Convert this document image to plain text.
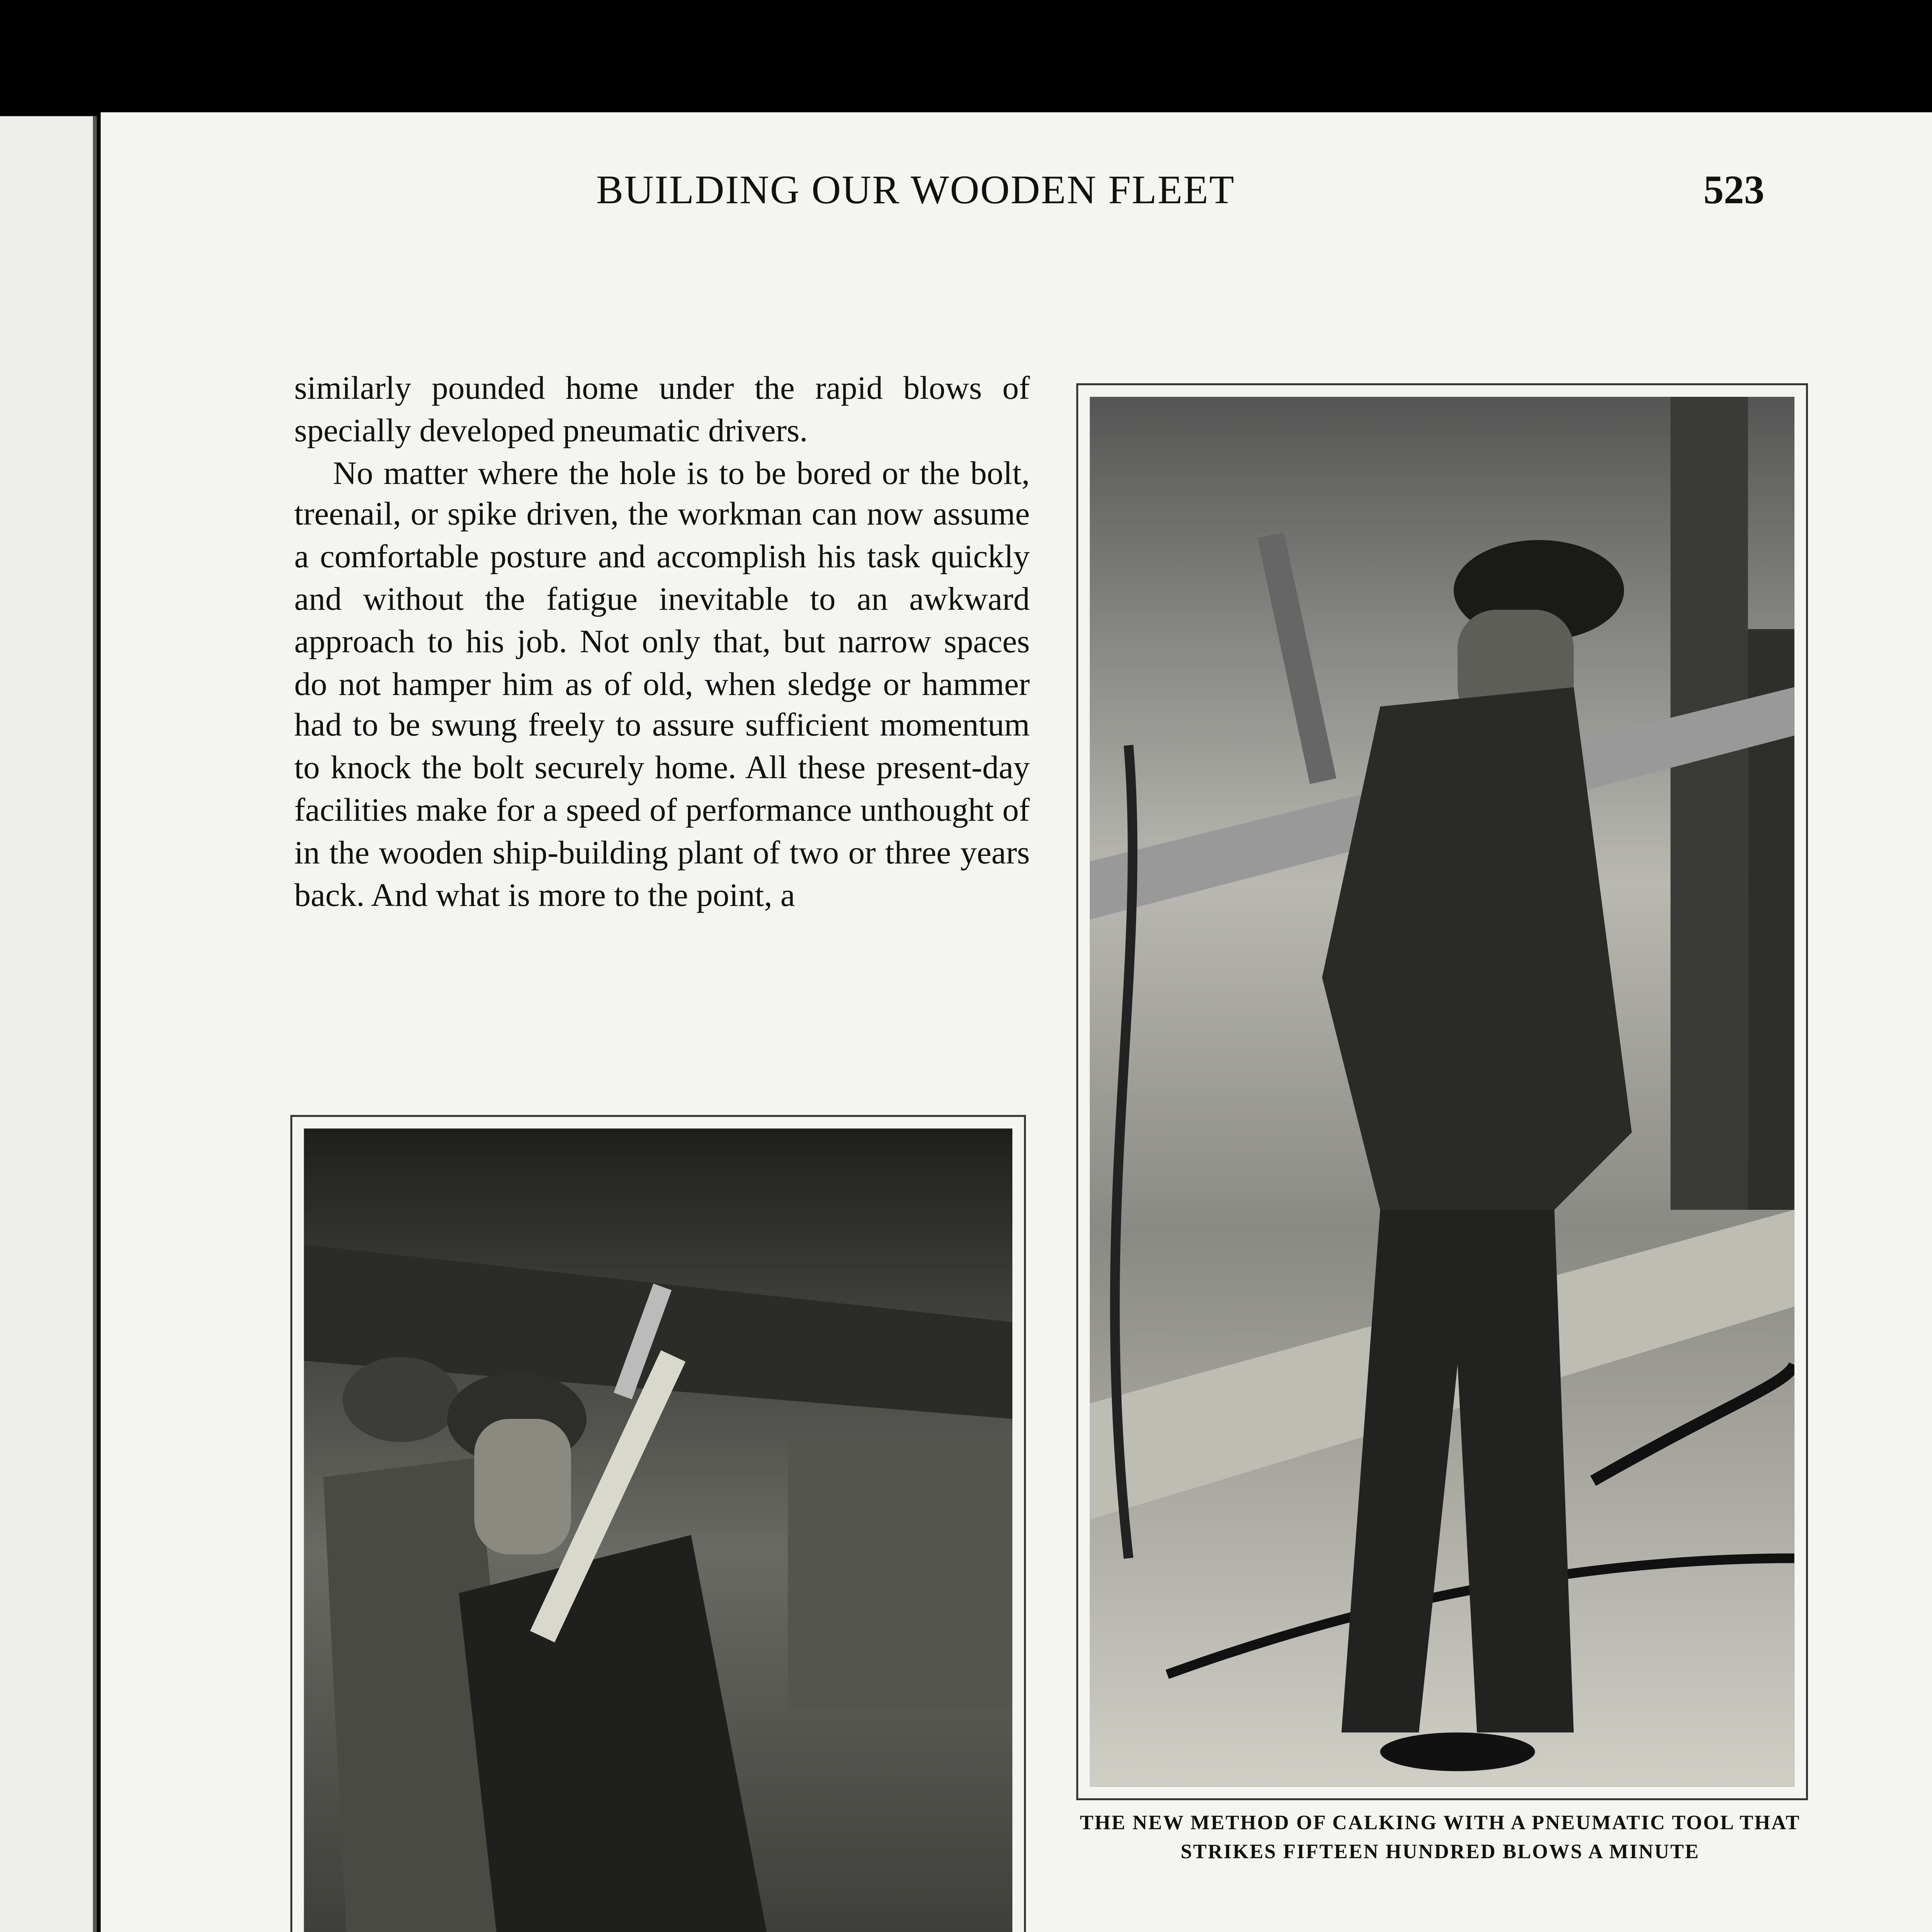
BUILDING OUR WOODEN FLEET	523

similarly pounded home under the rapid blows of specially developed pneumatic drivers.

No matter where the hole is to be bored or the bolt, treenail, or spike driven, the workman can now assume a comfortable posture and accomplish his task quickly and without the fatigue inevitable to an awkward approach to his job. Not only that, but narrow spaces do not hamper him as of old, when sledge or hammer had to be swung freely to assure sufficient momentum to knock the bolt securely home. All these present-day facilities make for a speed of performance unthought of in the wooden ship-building plant of two or three years back. And what is more to the point, a

THE NEW METHOD OF CALKING WITH A PNEUMATIC TOOL THAT STRIKES FIFTEEN HUNDRED BLOWS A MINUTE
